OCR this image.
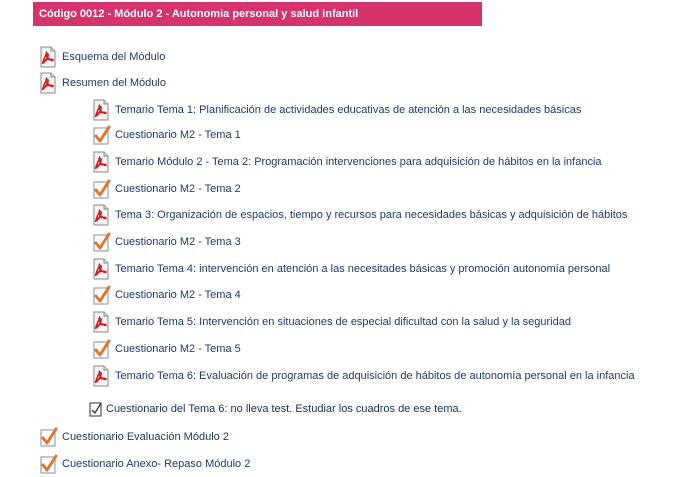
Código 0012 - Módulo 2 - Autonomia personal y salud infantil
Esquema del Módulo
Resumen del Módulo
Temario Tema 1: Planificación de actividades educativas de atención a las necesidades básicas
Cuestionario M2 - Tema 1
Temario Módulo 2 - Tema 2: Programación intervenciones para adquisición de hábitos en la infancia
Cuestionario M2 - Tema 2
Tema 3: Organización de espacios, tiempo y recursos para necesidades básicas y adquisición de hábitos
Cuestionario M2 - Tema 3
Temario Tema 4: intervención en atención a las necesitades básicas y promoción autonomía personal
Cuestionario M2 - Tema 4
Temario Tema 5: Intervención en situaciones de especial dificultad con la salud y la seguridad
Cuestionario M2 - Tema 5
Temario Tema 6: Evaluación de programas de adquisición de hábitos de autonomía personal en la infancia
Cuestionario del Tema 6: no lleva test. Estudiar los cuadros de ese tema.
Cuestionario Evaluación Módulo 2
Cuestionario Anexo- Repaso Módulo 2
